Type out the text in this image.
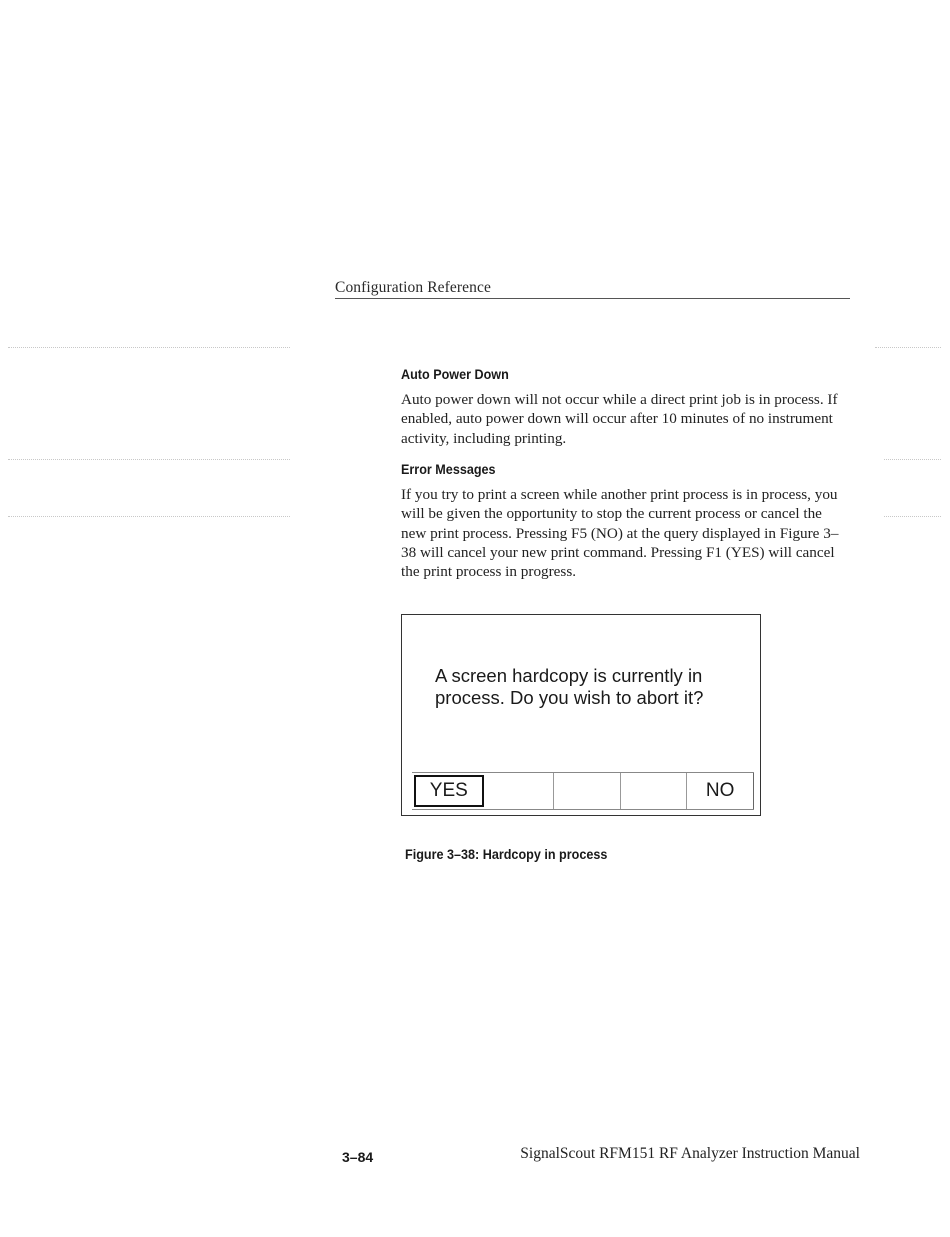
Configuration Reference
Auto Power Down

Auto power down will not occur while a direct print job is in process. If enabled, auto power down will occur after 10 minutes of no instrument activity, including printing.

Error Messages

If you try to print a screen while another print process is in process, you will be given the opportunity to stop the current process or cancel the new print process. Pressing F5 (NO) at the query displayed in Figure 3–38 will cancel your new print command. Pressing F1 (YES) will cancel the print process in progress.

A screen hardcopy is currently in process. Do you wish to abort it?
YES	NO
Figure 3–38: Hardcopy in process
3–84	SignalScout RFM151 RF Analyzer Instruction Manual
